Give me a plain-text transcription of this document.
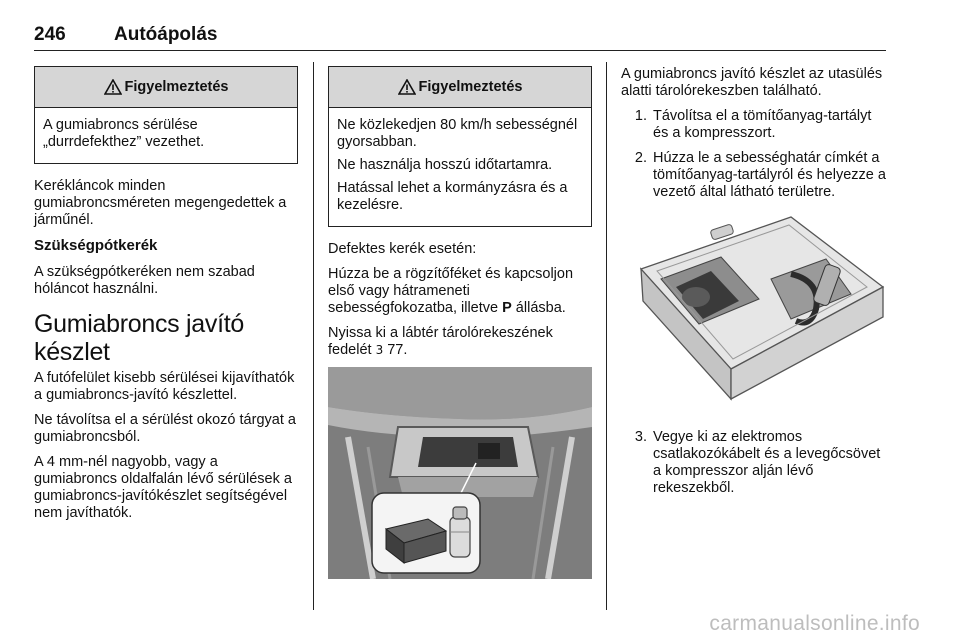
246	Autóápolás
Figyelmeztetés

A gumiabroncs sérülése „durrdefekthez” vezethet.

Kerékláncok minden gumiabroncsméreten megengedettek a járműnél.

Szükségpótkerék

A szükségpótkeréken nem szabad hóláncot használni.

Gumiabroncs javító készlet

A futófelület kisebb sérülései kijavíthatók a gumiabroncs-javító készlettel.

Ne távolítsa el a sérülést okozó tárgyat a gumiabroncsból.

A 4 mm-nél nagyobb, vagy a gumiabroncs oldalfalán lévő sérülések a gumiabroncs-javítókészlet segítségével nem javíthatók.

Figyelmeztetés

Ne közlekedjen 80 km/h sebességnél gyorsabban.

Ne használja hosszú időtartamra.

Hatással lehet a kormányzásra és a kezelésre.

Defektes kerék esetén:

Húzza be a rögzítőféket és kapcsoljon első vagy hátrameneti sebességfokozatba, illetve P állásba.

Nyissa ki a lábtér tárolórekeszének fedelét 3 77.

A gumiabroncs javító készlet az utasülés alatti tárolórekeszben található.

1. Távolítsa el a tömítőanyag-tartályt és a kompresszort.
2. Húzza le a sebességhatár címkét a tömítőanyag-tartályról és helyezze a vezető által látható területre.
3. Vegye ki az elektromos csatlakozókábelt és a levegőcsövet a kompresszor alján lévő rekeszekből.
carmanualsonline.info
